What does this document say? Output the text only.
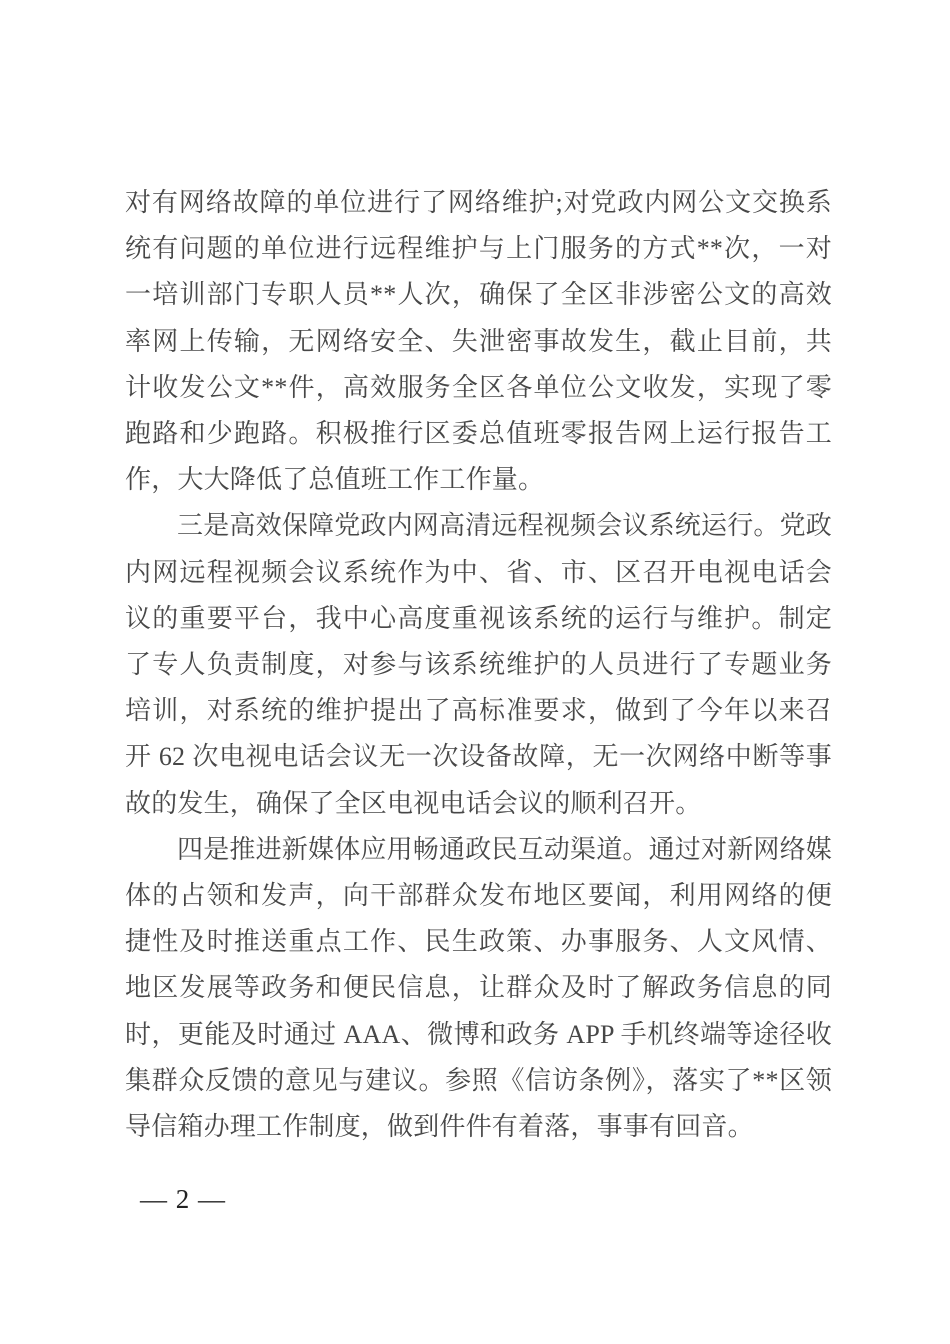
对有网络故障的单位进行了网络维护;对党政内网公文交换系统有问题的单位进行远程维护与上门服务的方式**次，一对一培训部门专职人员**人次，确保了全区非涉密公文的高效率网上传输，无网络安全、失泄密事故发生，截止目前，共计收发公文**件，高效服务全区各单位公文收发，实现了零跑路和少跑路。积极推行区委总值班零报告网上运行报告工作，大大降低了总值班工作工作量。

三是高效保障党政内网高清远程视频会议系统运行。党政内网远程视频会议系统作为中、省、市、区召开电视电话会议的重要平台，我中心高度重视该系统的运行与维护。制定了专人负责制度，对参与该系统维护的人员进行了专题业务培训，对系统的维护提出了高标准要求，做到了今年以来召开 62 次电视电话会议无一次设备故障，无一次网络中断等事故的发生，确保了全区电视电话会议的顺利召开。

四是推进新媒体应用畅通政民互动渠道。通过对新网络媒体的占领和发声，向干部群众发布地区要闻，利用网络的便捷性及时推送重点工作、民生政策、办事服务、人文风情、地区发展等政务和便民信息，让群众及时了解政务信息的同时，更能及时通过 AAA、微博和政务 APP 手机终端等途径收集群众反馈的意见与建议。参照《信访条例》，落实了**区领导信箱办理工作制度，做到件件有着落，事事有回音。

— 2 —
